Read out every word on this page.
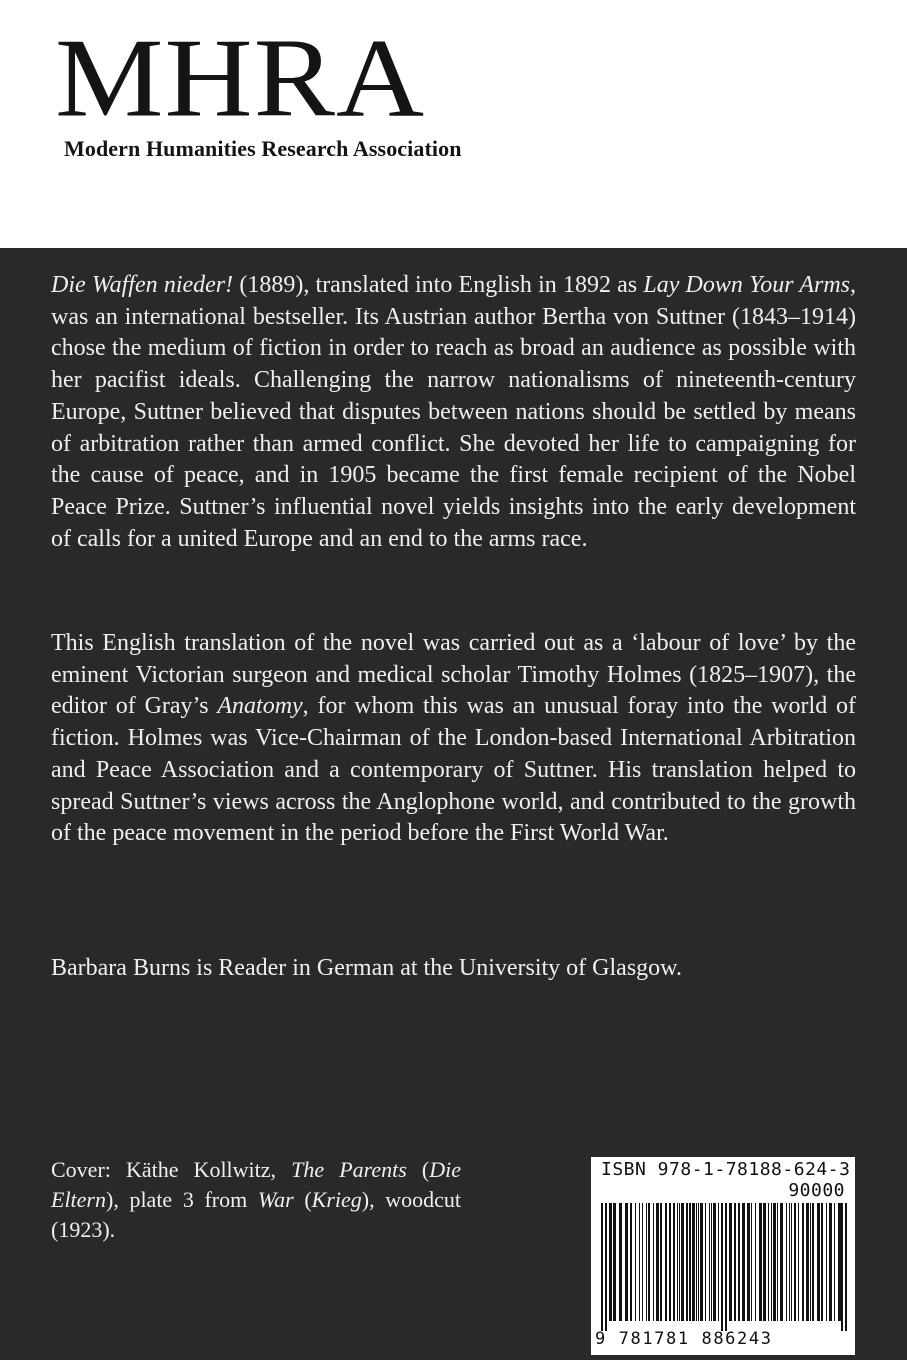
MHRA
Modern Humanities Research Association

Die Waffen nieder! (1889), translated into English in 1892 as Lay Down Your Arms, was an international bestseller. Its Austrian author Bertha von Suttner (1843–1914) chose the medium of fiction in order to reach as broad an audience as possible with her pacifist ideals. Challenging the narrow nationalisms of nineteenth-century Europe, Suttner believed that disputes between nations should be settled by means of arbitration rather than armed conflict. She devoted her life to campaigning for the cause of peace, and in 1905 became the first female recipient of the Nobel Peace Prize. Suttner’s influential novel yields insights into the early development of calls for a united Europe and an end to the arms race.

This English translation of the novel was carried out as a ‘labour of love’ by the eminent Victorian surgeon and medical scholar Timothy Holmes (1825–1907), the editor of Gray’s Anatomy, for whom this was an unusual foray into the world of fiction. Holmes was Vice-Chairman of the London-based International Arbitration and Peace Association and a contemporary of Suttner. His translation helped to spread Suttner’s views across the Anglophone world, and contributed to the growth of the peace movement in the period before the First World War.

Barbara Burns is Reader in German at the University of Glasgow.

Cover: Käthe Kollwitz, The Parents (Die Eltern), plate 3 from War (Krieg), woodcut (1923).

ISBN 978-1-78188-624-3
90000
9 781781 886243
